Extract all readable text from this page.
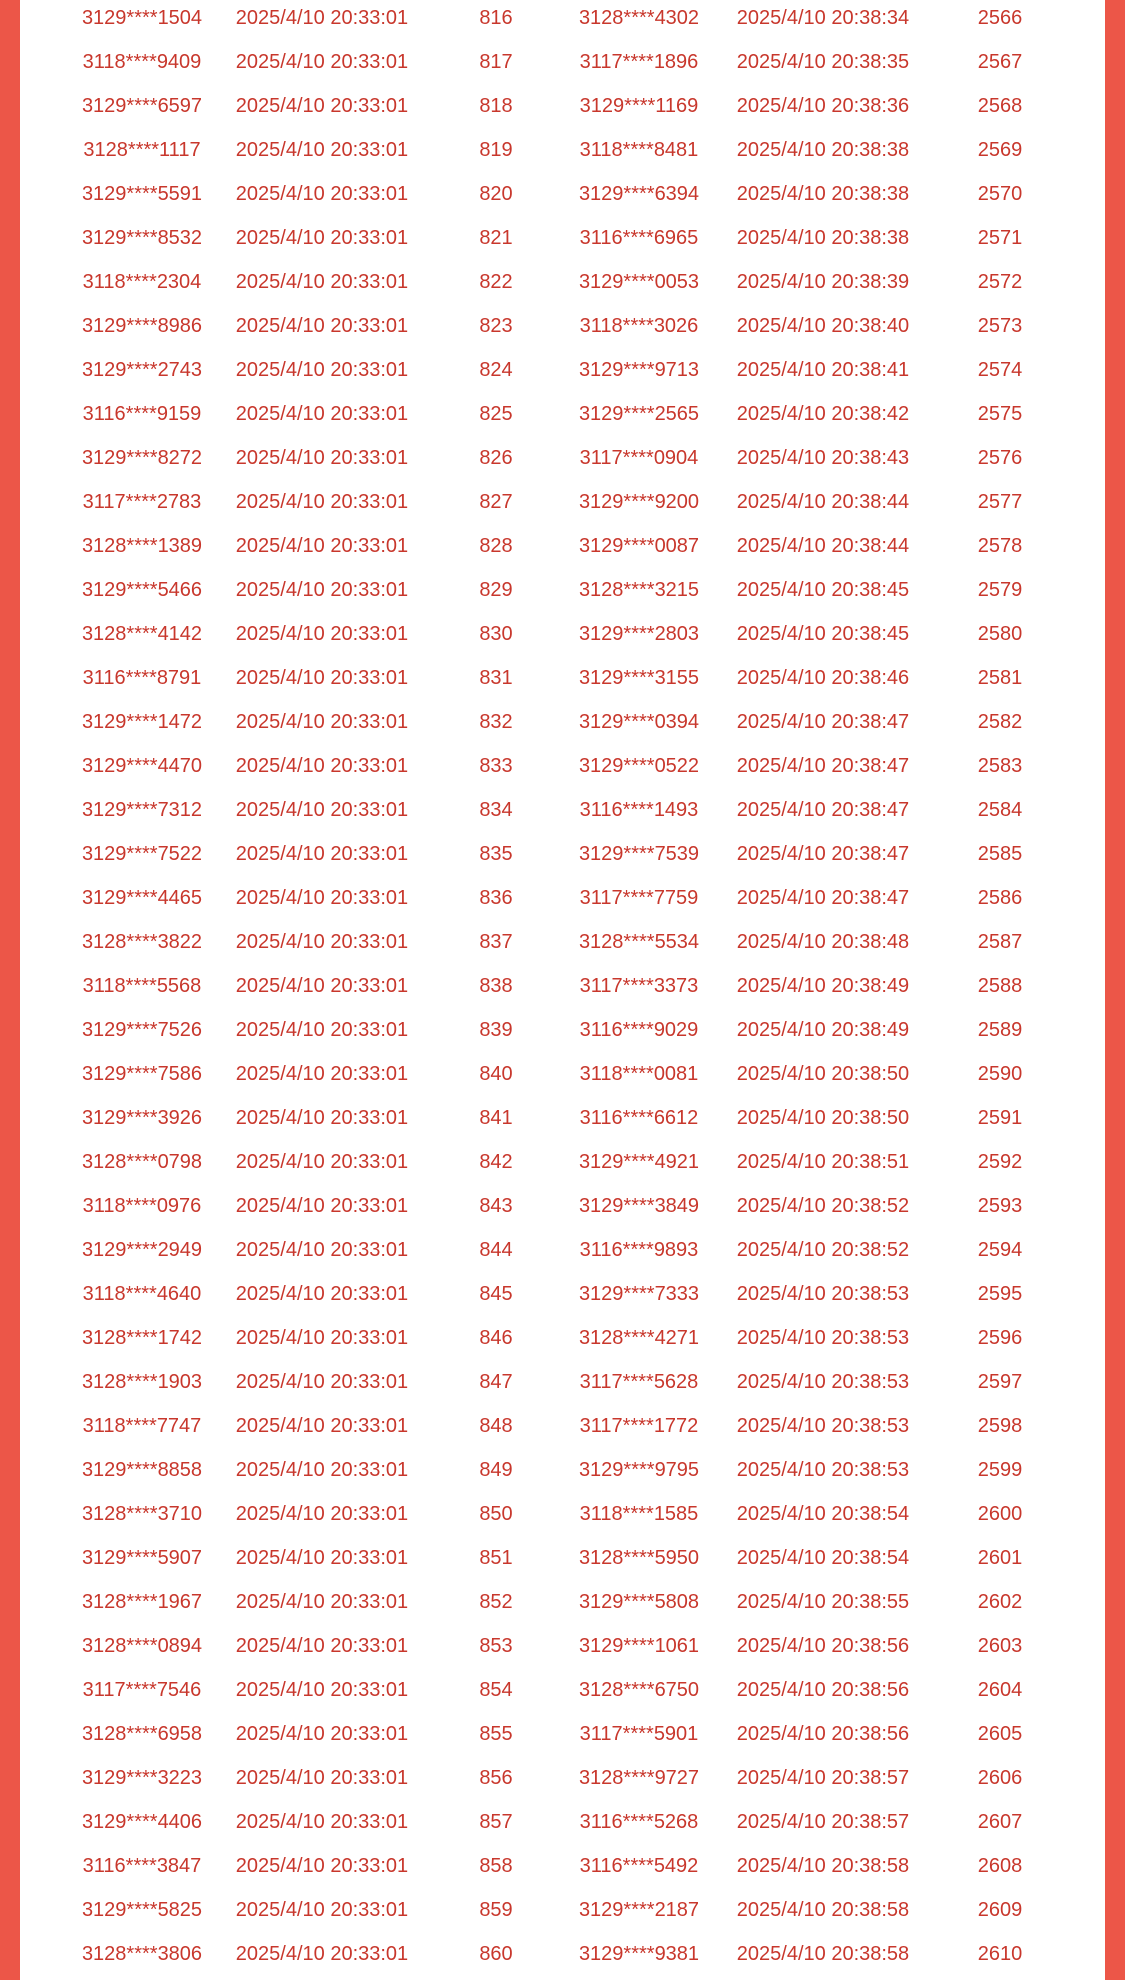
3129****1504	2025/4/10 20:33:01	816	3128****4302	2025/4/10 20:38:34	2566
3118****9409	2025/4/10 20:33:01	817	3117****1896	2025/4/10 20:38:35	2567
3129****6597	2025/4/10 20:33:01	818	3129****1169	2025/4/10 20:38:36	2568
3128****1117	2025/4/10 20:33:01	819	3118****8481	2025/4/10 20:38:38	2569
3129****5591	2025/4/10 20:33:01	820	3129****6394	2025/4/10 20:38:38	2570
3129****8532	2025/4/10 20:33:01	821	3116****6965	2025/4/10 20:38:38	2571
3118****2304	2025/4/10 20:33:01	822	3129****0053	2025/4/10 20:38:39	2572
3129****8986	2025/4/10 20:33:01	823	3118****3026	2025/4/10 20:38:40	2573
3129****2743	2025/4/10 20:33:01	824	3129****9713	2025/4/10 20:38:41	2574
3116****9159	2025/4/10 20:33:01	825	3129****2565	2025/4/10 20:38:42	2575
3129****8272	2025/4/10 20:33:01	826	3117****0904	2025/4/10 20:38:43	2576
3117****2783	2025/4/10 20:33:01	827	3129****9200	2025/4/10 20:38:44	2577
3128****1389	2025/4/10 20:33:01	828	3129****0087	2025/4/10 20:38:44	2578
3129****5466	2025/4/10 20:33:01	829	3128****3215	2025/4/10 20:38:45	2579
3128****4142	2025/4/10 20:33:01	830	3129****2803	2025/4/10 20:38:45	2580
3116****8791	2025/4/10 20:33:01	831	3129****3155	2025/4/10 20:38:46	2581
3129****1472	2025/4/10 20:33:01	832	3129****0394	2025/4/10 20:38:47	2582
3129****4470	2025/4/10 20:33:01	833	3129****0522	2025/4/10 20:38:47	2583
3129****7312	2025/4/10 20:33:01	834	3116****1493	2025/4/10 20:38:47	2584
3129****7522	2025/4/10 20:33:01	835	3129****7539	2025/4/10 20:38:47	2585
3129****4465	2025/4/10 20:33:01	836	3117****7759	2025/4/10 20:38:47	2586
3128****3822	2025/4/10 20:33:01	837	3128****5534	2025/4/10 20:38:48	2587
3118****5568	2025/4/10 20:33:01	838	3117****3373	2025/4/10 20:38:49	2588
3129****7526	2025/4/10 20:33:01	839	3116****9029	2025/4/10 20:38:49	2589
3129****7586	2025/4/10 20:33:01	840	3118****0081	2025/4/10 20:38:50	2590
3129****3926	2025/4/10 20:33:01	841	3116****6612	2025/4/10 20:38:50	2591
3128****0798	2025/4/10 20:33:01	842	3129****4921	2025/4/10 20:38:51	2592
3118****0976	2025/4/10 20:33:01	843	3129****3849	2025/4/10 20:38:52	2593
3129****2949	2025/4/10 20:33:01	844	3116****9893	2025/4/10 20:38:52	2594
3118****4640	2025/4/10 20:33:01	845	3129****7333	2025/4/10 20:38:53	2595
3128****1742	2025/4/10 20:33:01	846	3128****4271	2025/4/10 20:38:53	2596
3128****1903	2025/4/10 20:33:01	847	3117****5628	2025/4/10 20:38:53	2597
3118****7747	2025/4/10 20:33:01	848	3117****1772	2025/4/10 20:38:53	2598
3129****8858	2025/4/10 20:33:01	849	3129****9795	2025/4/10 20:38:53	2599
3128****3710	2025/4/10 20:33:01	850	3118****1585	2025/4/10 20:38:54	2600
3129****5907	2025/4/10 20:33:01	851	3128****5950	2025/4/10 20:38:54	2601
3128****1967	2025/4/10 20:33:01	852	3129****5808	2025/4/10 20:38:55	2602
3128****0894	2025/4/10 20:33:01	853	3129****1061	2025/4/10 20:38:56	2603
3117****7546	2025/4/10 20:33:01	854	3128****6750	2025/4/10 20:38:56	2604
3128****6958	2025/4/10 20:33:01	855	3117****5901	2025/4/10 20:38:56	2605
3129****3223	2025/4/10 20:33:01	856	3128****9727	2025/4/10 20:38:57	2606
3129****4406	2025/4/10 20:33:01	857	3116****5268	2025/4/10 20:38:57	2607
3116****3847	2025/4/10 20:33:01	858	3116****5492	2025/4/10 20:38:58	2608
3129****5825	2025/4/10 20:33:01	859	3129****2187	2025/4/10 20:38:58	2609
3128****3806	2025/4/10 20:33:01	860	3129****9381	2025/4/10 20:38:58	2610
